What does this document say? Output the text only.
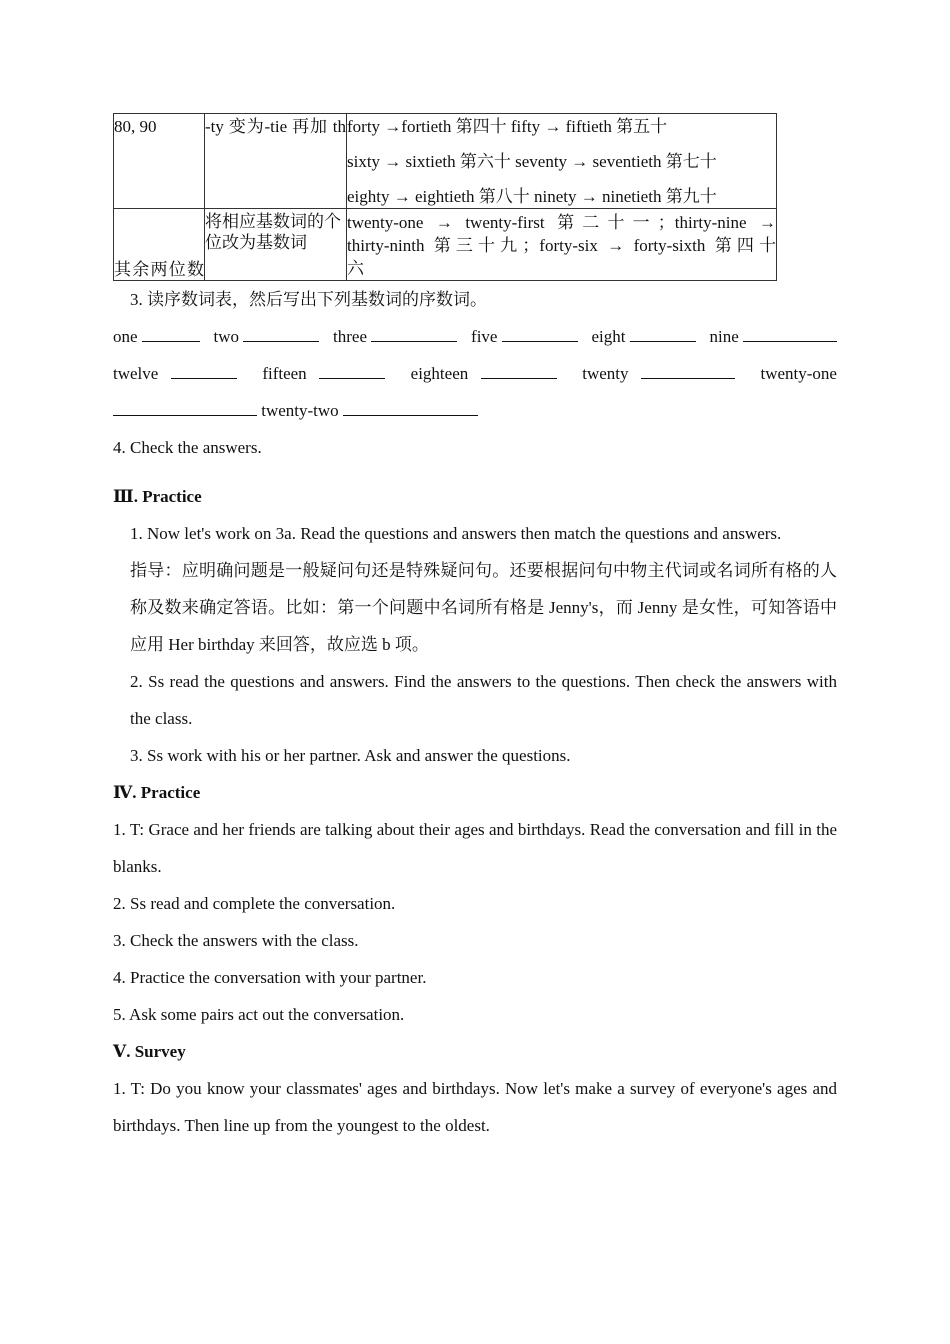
80, 90	-ty 变为-tie 再加 th	forty →fortieth 第四十 fifty → fiftieth 第五十
sixty → sixtieth 第六十 seventy → seventieth 第七十
eighty → eightieth 第八十 ninety → ninetieth 第九十

其余两位数	将相应基数词的个位改为基数词	twenty-one → twenty-first 第二十一；thirty-nine →
thirty-ninth 第三十九；forty-six → forty-sixth 第四十
六

3. 读序数词表，然后写出下列基数词的序数词。

one	two	three	five	eight	nine
twelve	fifteen	eighteen	twenty	twenty-one
twenty-two

4. Check the answers.

Ⅲ. Practice

1. Now let's work on 3a. Read the questions and answers then match the questions and answers.

指导：应明确问题是一般疑问句还是特殊疑问句。还要根据问句中物主代词或名词所有格的人称及数来确定答语。比如：第一个问题中名词所有格是 Jenny's，而 Jenny 是女性，可知答语中应用 Her birthday 来回答，故应选 b 项。

2. Ss read the questions and answers. Find the answers to the questions. Then check the answers with the class.

3. Ss work with his or her partner. Ask and answer the questions.

Ⅳ. Practice

1. T: Grace and her friends are talking about their ages and birthdays. Read the conversation and fill in the blanks.

2. Ss read and complete the conversation.

3. Check the answers with the class.

4. Practice the conversation with your partner.

5. Ask some pairs act out the conversation.

Ⅴ. Survey

1. T: Do you know your classmates' ages and birthdays. Now let's make a survey of everyone's ages and birthdays. Then line up from the youngest to the oldest.
